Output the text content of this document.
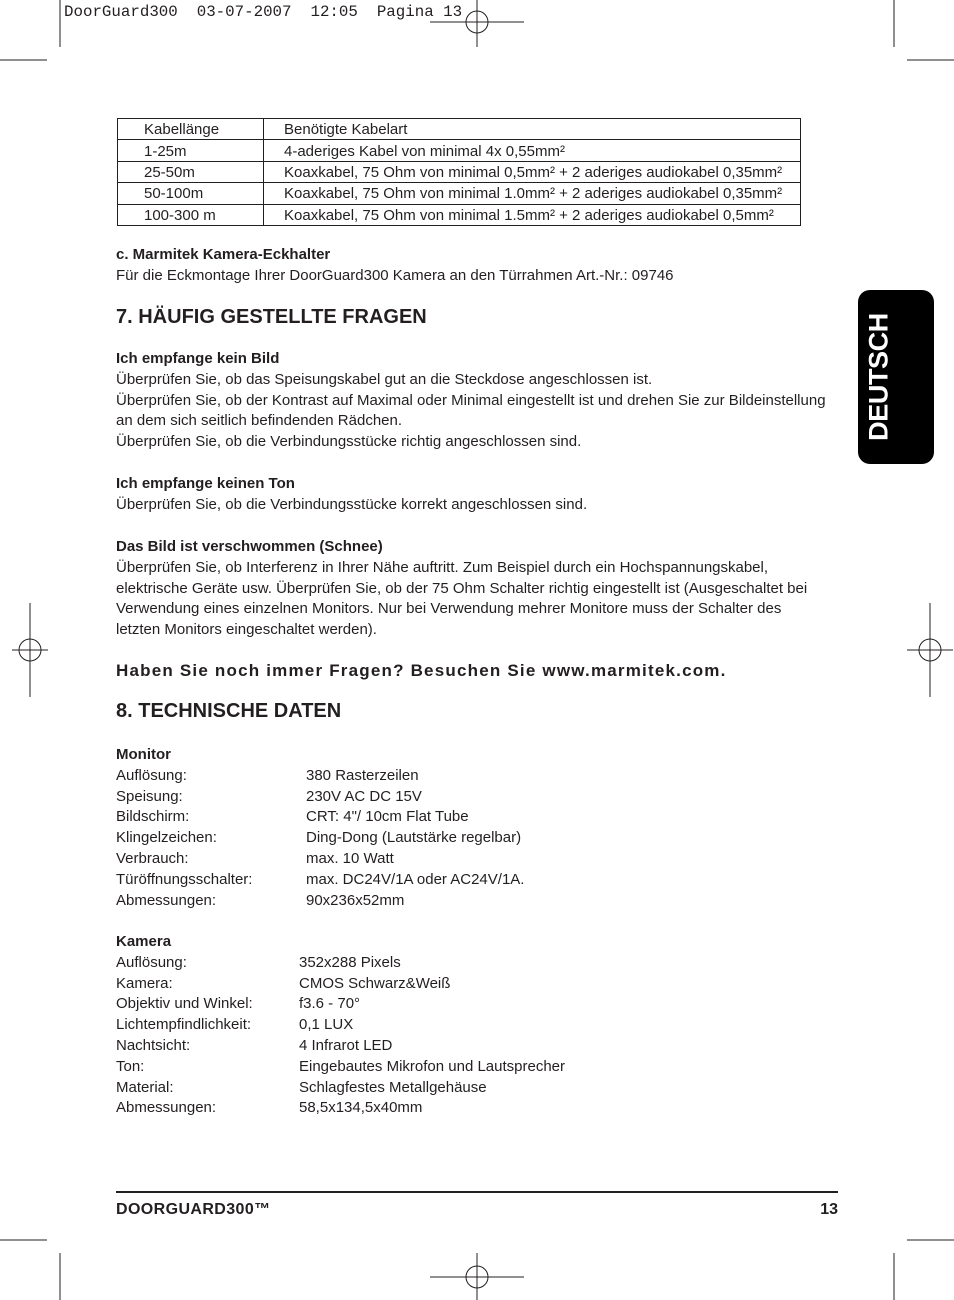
DoorGuard300  03-07-2007  12:05  Pagina 13
Kabellänge	Benötigte Kabelart
1-25m	4-aderiges Kabel von minimal 4x 0,55mm²
25-50m	Koaxkabel, 75 Ohm von minimal 0,5mm² + 2 aderiges audiokabel 0,35mm²
50-100m	Koaxkabel, 75 Ohm von minimal 1.0mm² + 2 aderiges audiokabel 0,35mm²
100-300 m	Koaxkabel, 75 Ohm von minimal 1.5mm² + 2 aderiges audiokabel 0,5mm²
c. Marmitek Kamera-Eckhalter
Für die Eckmontage Ihrer DoorGuard300 Kamera an den Türrahmen Art.-Nr.: 09746
7. HÄUFIG GESTELLTE FRAGEN
Ich empfange kein Bild
Überprüfen Sie, ob das Speisungskabel gut an die Steckdose angeschlossen ist.
Überprüfen Sie, ob der Kontrast auf Maximal oder Minimal eingestellt ist und drehen Sie zur Bildeinstellung
an dem sich seitlich befindenden Rädchen.
Überprüfen Sie, ob die Verbindungsstücke richtig angeschlossen sind.
Ich empfange keinen Ton
Überprüfen Sie, ob die Verbindungsstücke korrekt angeschlossen sind.
Das Bild ist verschwommen (Schnee)
Überprüfen Sie, ob Interferenz in Ihrer Nähe auftritt. Zum Beispiel durch ein Hochspannungskabel,
elektrische Geräte usw. Überprüfen Sie, ob der 75 Ohm Schalter richtig eingestellt ist (Ausgeschaltet bei
Verwendung eines einzelnen Monitors. Nur bei Verwendung mehrer Monitore muss der Schalter des
letzten Monitors eingeschaltet werden).
Haben Sie noch immer Fragen? Besuchen Sie www.marmitek.com.
8. TECHNISCHE DATEN
Monitor
Auflösung:	380 Rasterzeilen
Speisung:	230V AC DC 15V
Bildschirm:	CRT: 4"/ 10cm Flat Tube
Klingelzeichen:	Ding-Dong (Lautstärke regelbar)
Verbrauch:	max. 10 Watt
Türöffnungsschalter:	max. DC24V/1A oder AC24V/1A.
Abmessungen:	90x236x52mm
Kamera
Auflösung:	352x288 Pixels
Kamera:	CMOS Schwarz&Weiß
Objektiv und Winkel:	f3.6 - 70°
Lichtempfindlichkeit:	0,1 LUX
Nachtsicht:	4 Infrarot LED
Ton:	Eingebautes Mikrofon und Lautsprecher
Material:	Schlagfestes Metallgehäuse
Abmessungen:	58,5x134,5x40mm
DOORGUARD300™	13
DEUTSCH
